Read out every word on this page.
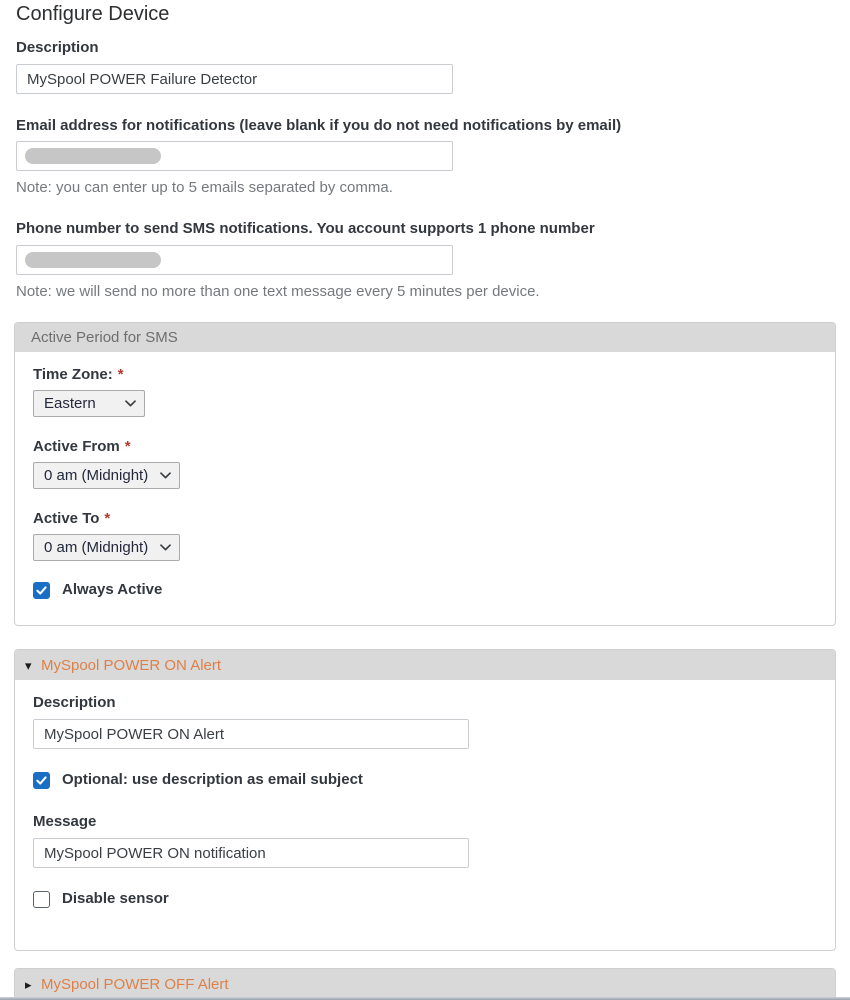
Configure Device
Description
MySpool POWER Failure Detector
Email address for notifications (leave blank if you do not need notifications by email)
Note: you can enter up to 5 emails separated by comma.
Phone number to send SMS notifications. You account supports 1 phone number
Note: we will send no more than one text message every 5 minutes per device.
Active Period for SMS
Time Zone: *
Eastern
Active From *
0 am (Midnight)
Active To *
0 am (Midnight)
Always Active
▾ MySpool POWER ON Alert
Description
MySpool POWER ON Alert
Optional: use description as email subject
Message
MySpool POWER ON notification
Disable sensor
▸ MySpool POWER OFF Alert
